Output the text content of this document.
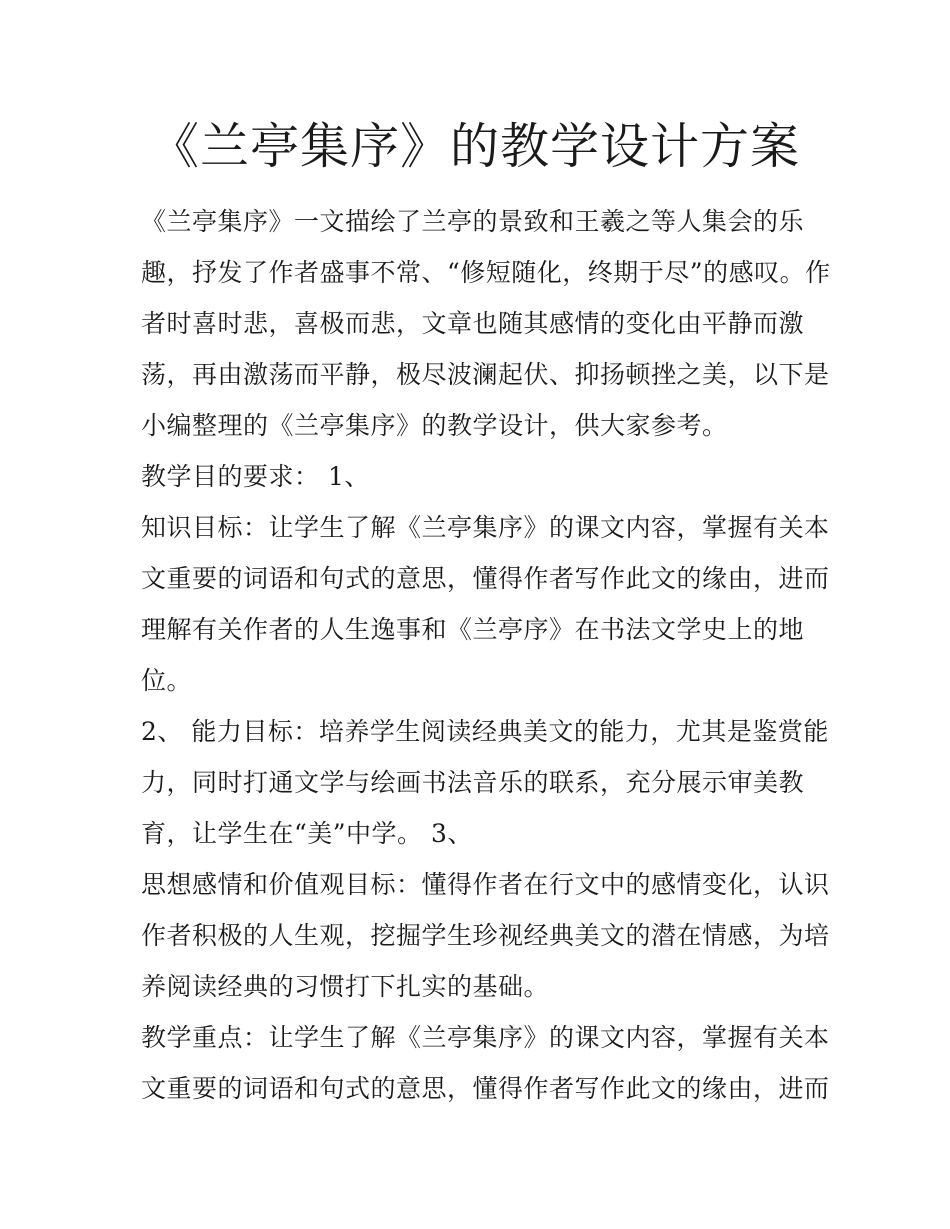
《兰亭集序》的教学设计方案

《兰亭集序》一文描绘了兰亭的景致和王羲之等人集会的乐

趣，抒发了作者盛事不常、“修短随化，终期于尽”的感叹。作

者时喜时悲，喜极而悲，文章也随其感情的变化由平静而激

荡，再由激荡而平静，极尽波澜起伏、抑扬顿挫之美，以下是

小编整理的《兰亭集序》的教学设计，供大家参考。

教学目的要求： 1、

知识目标：让学生了解《兰亭集序》的课文内容，掌握有关本

文重要的词语和句式的意思，懂得作者写作此文的缘由，进而

理解有关作者的人生逸事和《兰亭序》在书法文学史上的地

位。

2、 能力目标：培养学生阅读经典美文的能力，尤其是鉴赏能

力，同时打通文学与绘画书法音乐的联系，充分展示审美教

育，让学生在“美”中学。 3、

思想感情和价值观目标：懂得作者在行文中的感情变化，认识

作者积极的人生观，挖掘学生珍视经典美文的潜在情感，为培

养阅读经典的习惯打下扎实的基础。

教学重点：让学生了解《兰亭集序》的课文内容，掌握有关本

文重要的词语和句式的意思，懂得作者写作此文的缘由，进而
